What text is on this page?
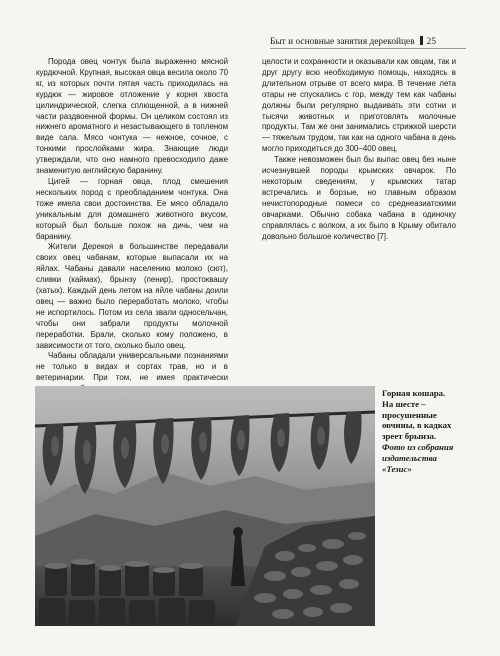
Быт и основные занятия дерекойцев 25

Порода овец чонтук была выраженно мясной курдючной. Крупная, высокая овца весила около 70 кг, из которых почти пятая часть приходилась на курдюк — жировое отложение у корня хвоста цилиндрической, слегка сплющенной, а в нижней части раздвоенной формы. Он целиком состоял из нижнего ароматного и незастывающего в топленом виде сала. Мясо чонтука — нежное, сочное, с тонкими прослойками жира. Знающие люди утверждали, что оно намного превосходило даже знаменитую английскую баранину.

Цигей — горная овца, плод смешения нескольких пород с преобладанием чонтука. Она тоже имела свои достоинства. Ее мясо обладало уникальным для домашнего животного вкусом, который был больше похож на дичь, чем на баранину.

Жители Дерекоя в большинстве передавали своих овец чабанам, которые выпасали их на яйлах. Чабаны давали населению молоко (сют), сливки (каймах), брынзу (пенир), простоквашу (хатых). Каждый день летом на яйле чабаны доили овец — важно было переработать молоко, чтобы не испортилось. Потом из села звали односельчан, чтобы они забрали продукты молочной переработки. Брали, сколько кому положено, в зависимости от того, сколько было овец.

Чабаны обладали универсальными познаниями не только в видах и сортах трав, но и в ветеринарии. При том, не имея практически

целости и сохранности и оказывали как овцам, так и друг другу всю необходимую помощь, находясь в длительном отрыве от всего мира. В течение лета отары не спускались с гор, между тем как чабаны должны были регулярно выдаивать эти сотни и тысячи животных и приготовлять молочные продукты. Там же они занимались стрижкой шерсти — тяжелым трудом, так как на одного чабана в день могло приходиться до 300–400 овец.

Также невозможен был бы выпас овец без ныне исчезнувшей породы крымских овчарок. По некоторым сведениям, у крымских татар встречались и борзые, но главным образом нечистопородные помеси со среднеазиатскими овчарками. Обычно собака чабана в одиночку справлялась с волком, а их было в Крыму обитало довольно большое количество [7].

Горная кошара.
На шесте – просушенные овчины, в кадках зреет брынза.
Фото из собрания издательства «Тезис»
